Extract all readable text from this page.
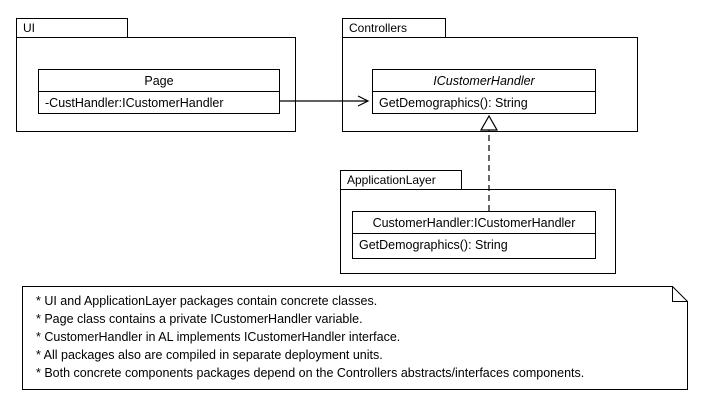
UI
Page
-CustHandler:ICustomerHandler
Controllers
ICustomerHandler
GetDemographics(): String
ApplicationLayer
CustomerHandler:ICustomerHandler
GetDemographics(): String
* UI and ApplicationLayer packages contain concrete classes.
* Page class contains a private ICustomerHandler variable.
* CustomerHandler in AL implements ICustomerHandler interface.
* All packages also are compiled in separate deployment units.
* Both concrete components packages depend on the Controllers abstracts/interfaces components.
